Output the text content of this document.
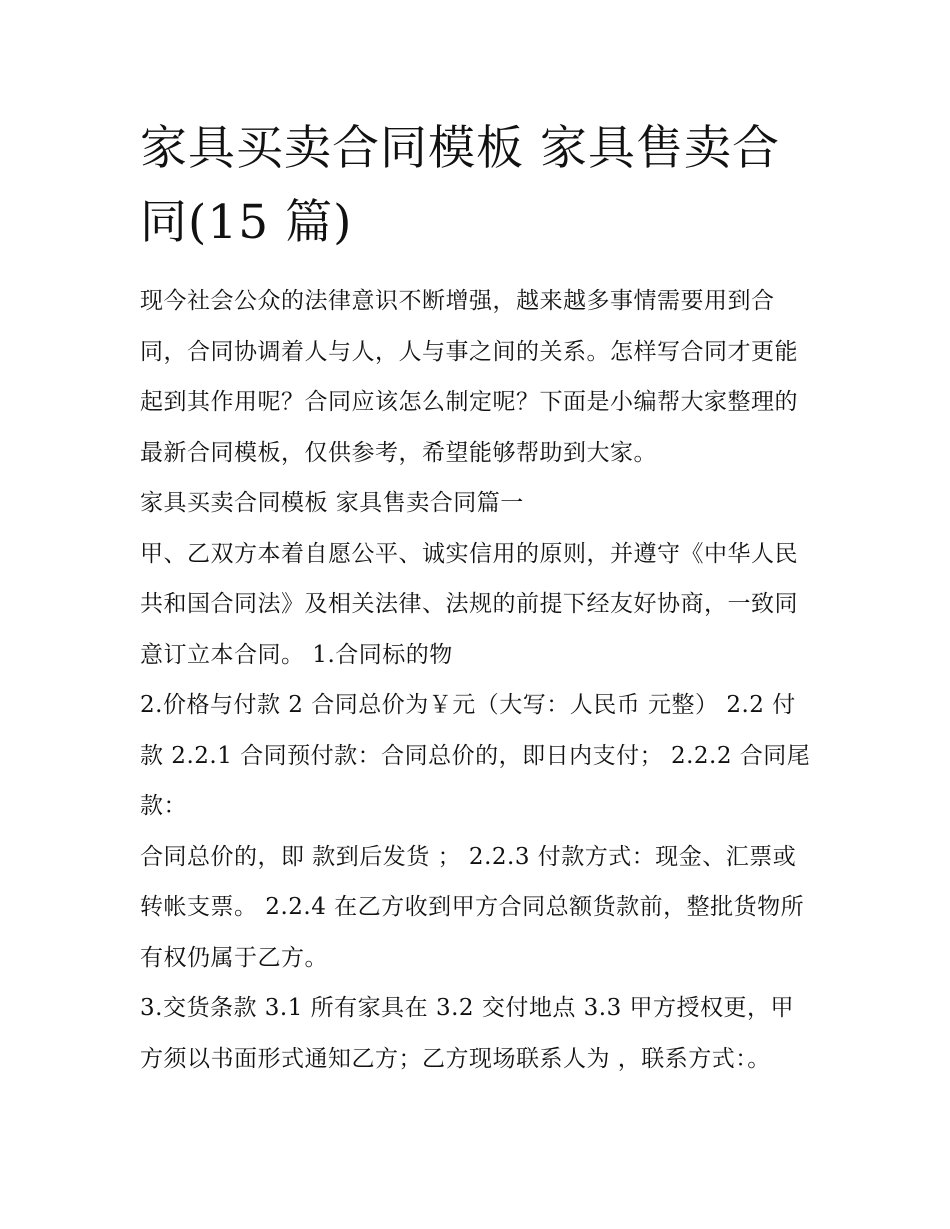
家具买卖合同模板 家具售卖合同(15 篇)

现今社会公众的法律意识不断增强，越来越多事情需要用到合同，合同协调着人与人，人与事之间的关系。怎样写合同才更能起到其作用呢？合同应该怎么制定呢？下面是小编帮大家整理的最新合同模板，仅供参考，希望能够帮助到大家。

家具买卖合同模板 家具售卖合同篇一

甲、乙双方本着自愿公平、诚实信用的原则，并遵守《中华人民共和国合同法》及相关法律、法规的前提下经友好协商，一致同意订立本合同。 1.合同标的物

2.价格与付款 2 合同总价为￥元（大写：人民币 元整） 2.2 付款 2.2.1 合同预付款：合同总价的，即日内支付； 2.2.2 合同尾款：

合同总价的，即 款到后发货 ； 2.2.3 付款方式：现金、汇票或转帐支票。 2.2.4 在乙方收到甲方合同总额货款前，整批货物所有权仍属于乙方。

3.交货条款 3.1 所有家具在 3.2 交付地点 3.3 甲方授权更，甲方须以书面形式通知乙方；乙方现场联系人为 ，联系方式：。
